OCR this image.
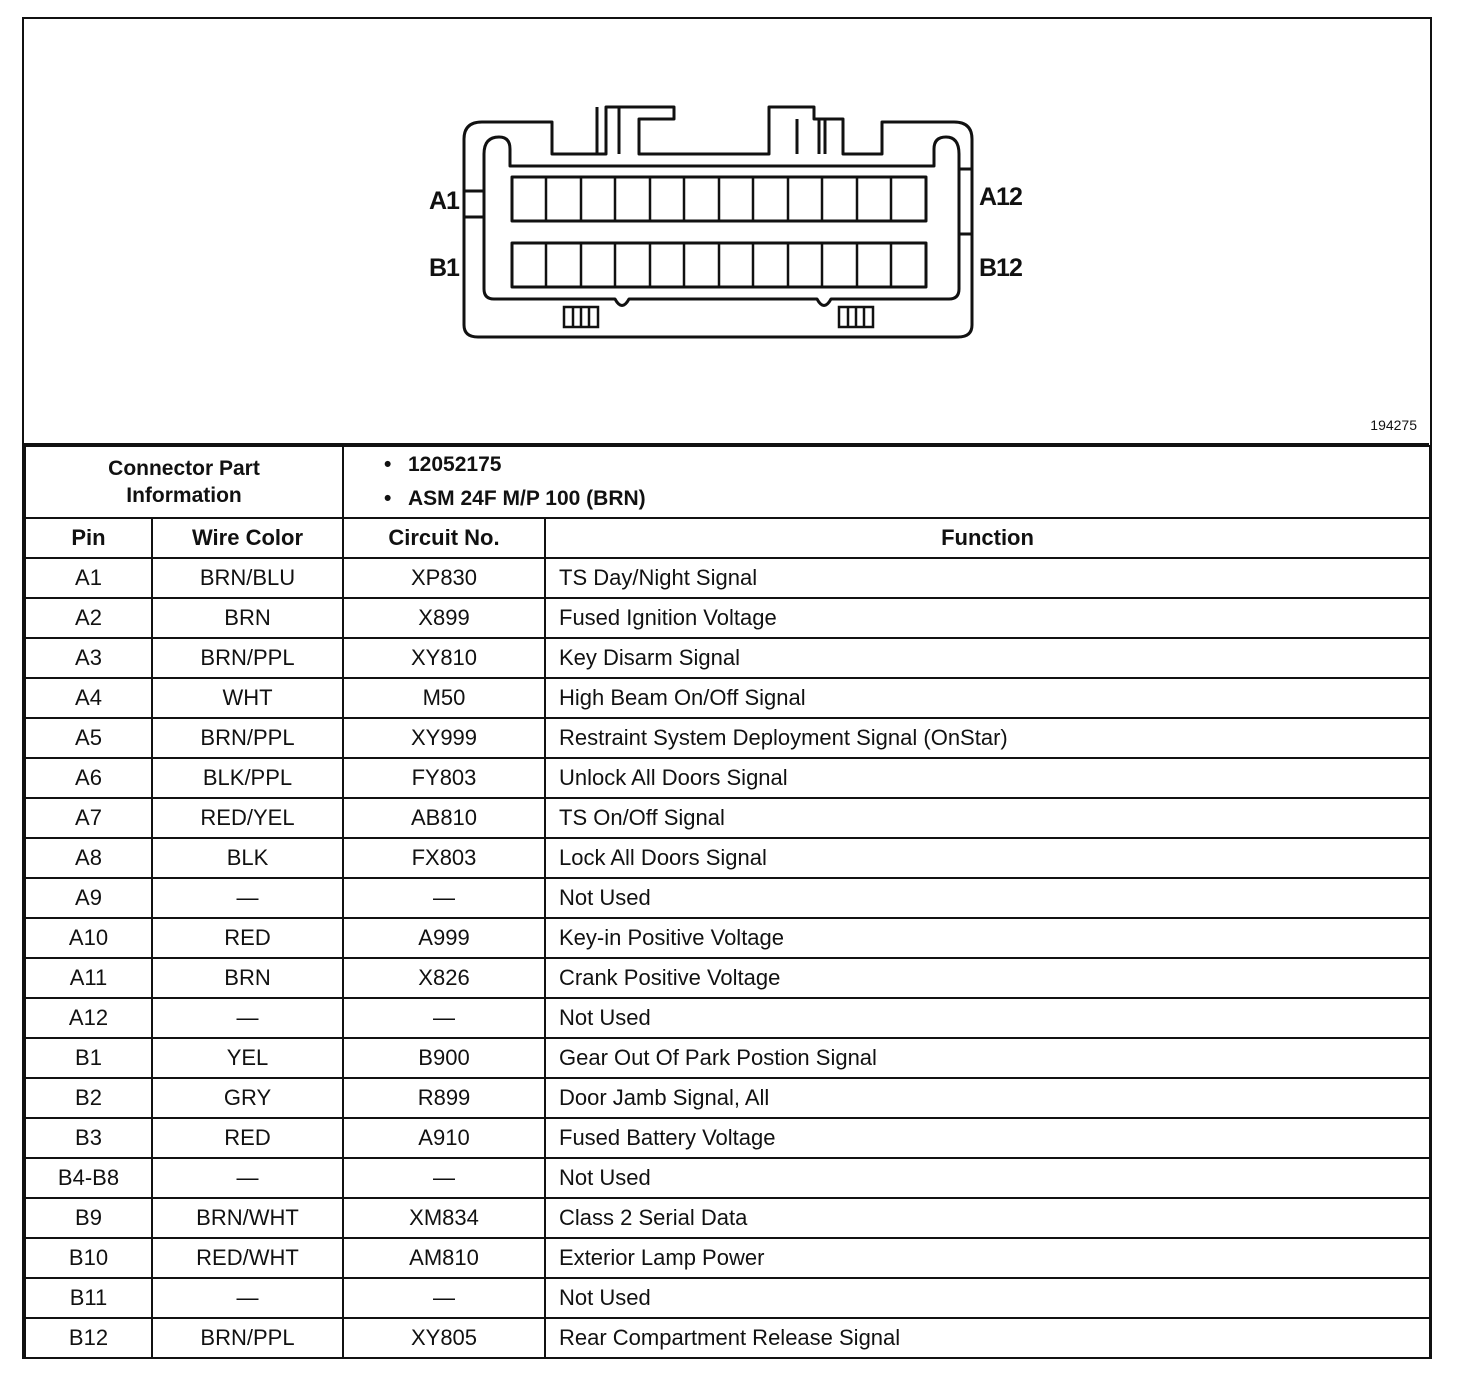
A1	A12
B1	B12
194275
Connector Part Information		• 12052175
• ASM 24F M/P 100 (BRN)	

Pin	Wire Color	Circuit No.	Function
A1	BRN/BLU	XP830	TS Day/Night Signal
A2	BRN	X899	Fused Ignition Voltage
A3	BRN/PPL	XY810	Key Disarm Signal
A4	WHT	M50	High Beam On/Off Signal
A5	BRN/PPL	XY999	Restraint System Deployment Signal (OnStar)
A6	BLK/PPL	FY803	Unlock All Doors Signal
A7	RED/YEL	AB810	TS On/Off Signal
A8	BLK	FX803	Lock All Doors Signal
A9	—	—	Not Used
A10	RED	A999	Key-in Positive Voltage
A11	BRN	X826	Crank Positive Voltage
A12	—	—	Not Used
B1	YEL	B900	Gear Out Of Park Postion Signal
B2	GRY	R899	Door Jamb Signal, All
B3	RED	A910	Fused Battery Voltage
B4-B8	—	—	Not Used
B9	BRN/WHT	XM834	Class 2 Serial Data
B10	RED/WHT	AM810	Exterior Lamp Power
B11	—	—	Not Used
B12	BRN/PPL	XY805	Rear Compartment Release Signal
